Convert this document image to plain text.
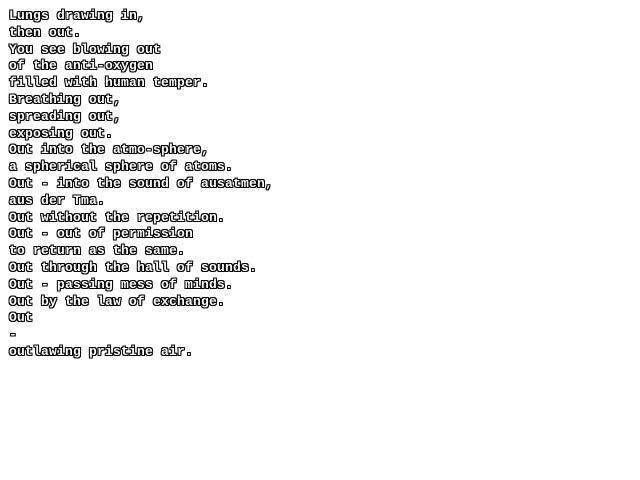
Lungs drawing in,
then out.
You see blowing out
of the anti-oxygen
filled with human temper.
Breathing out,
spreading out,
exposing out.
Out into the atmo-sphere,
a spherical sphere of atoms.
Out - into the sound of ausatmen,
aus der Tma.
Out without the repetition.
Out - out of permission
to return as the same.
Out through the hall of sounds.
Out - passing mess of minds.
Out by the law of exchange.
Out
-
outlawing pristine air.
